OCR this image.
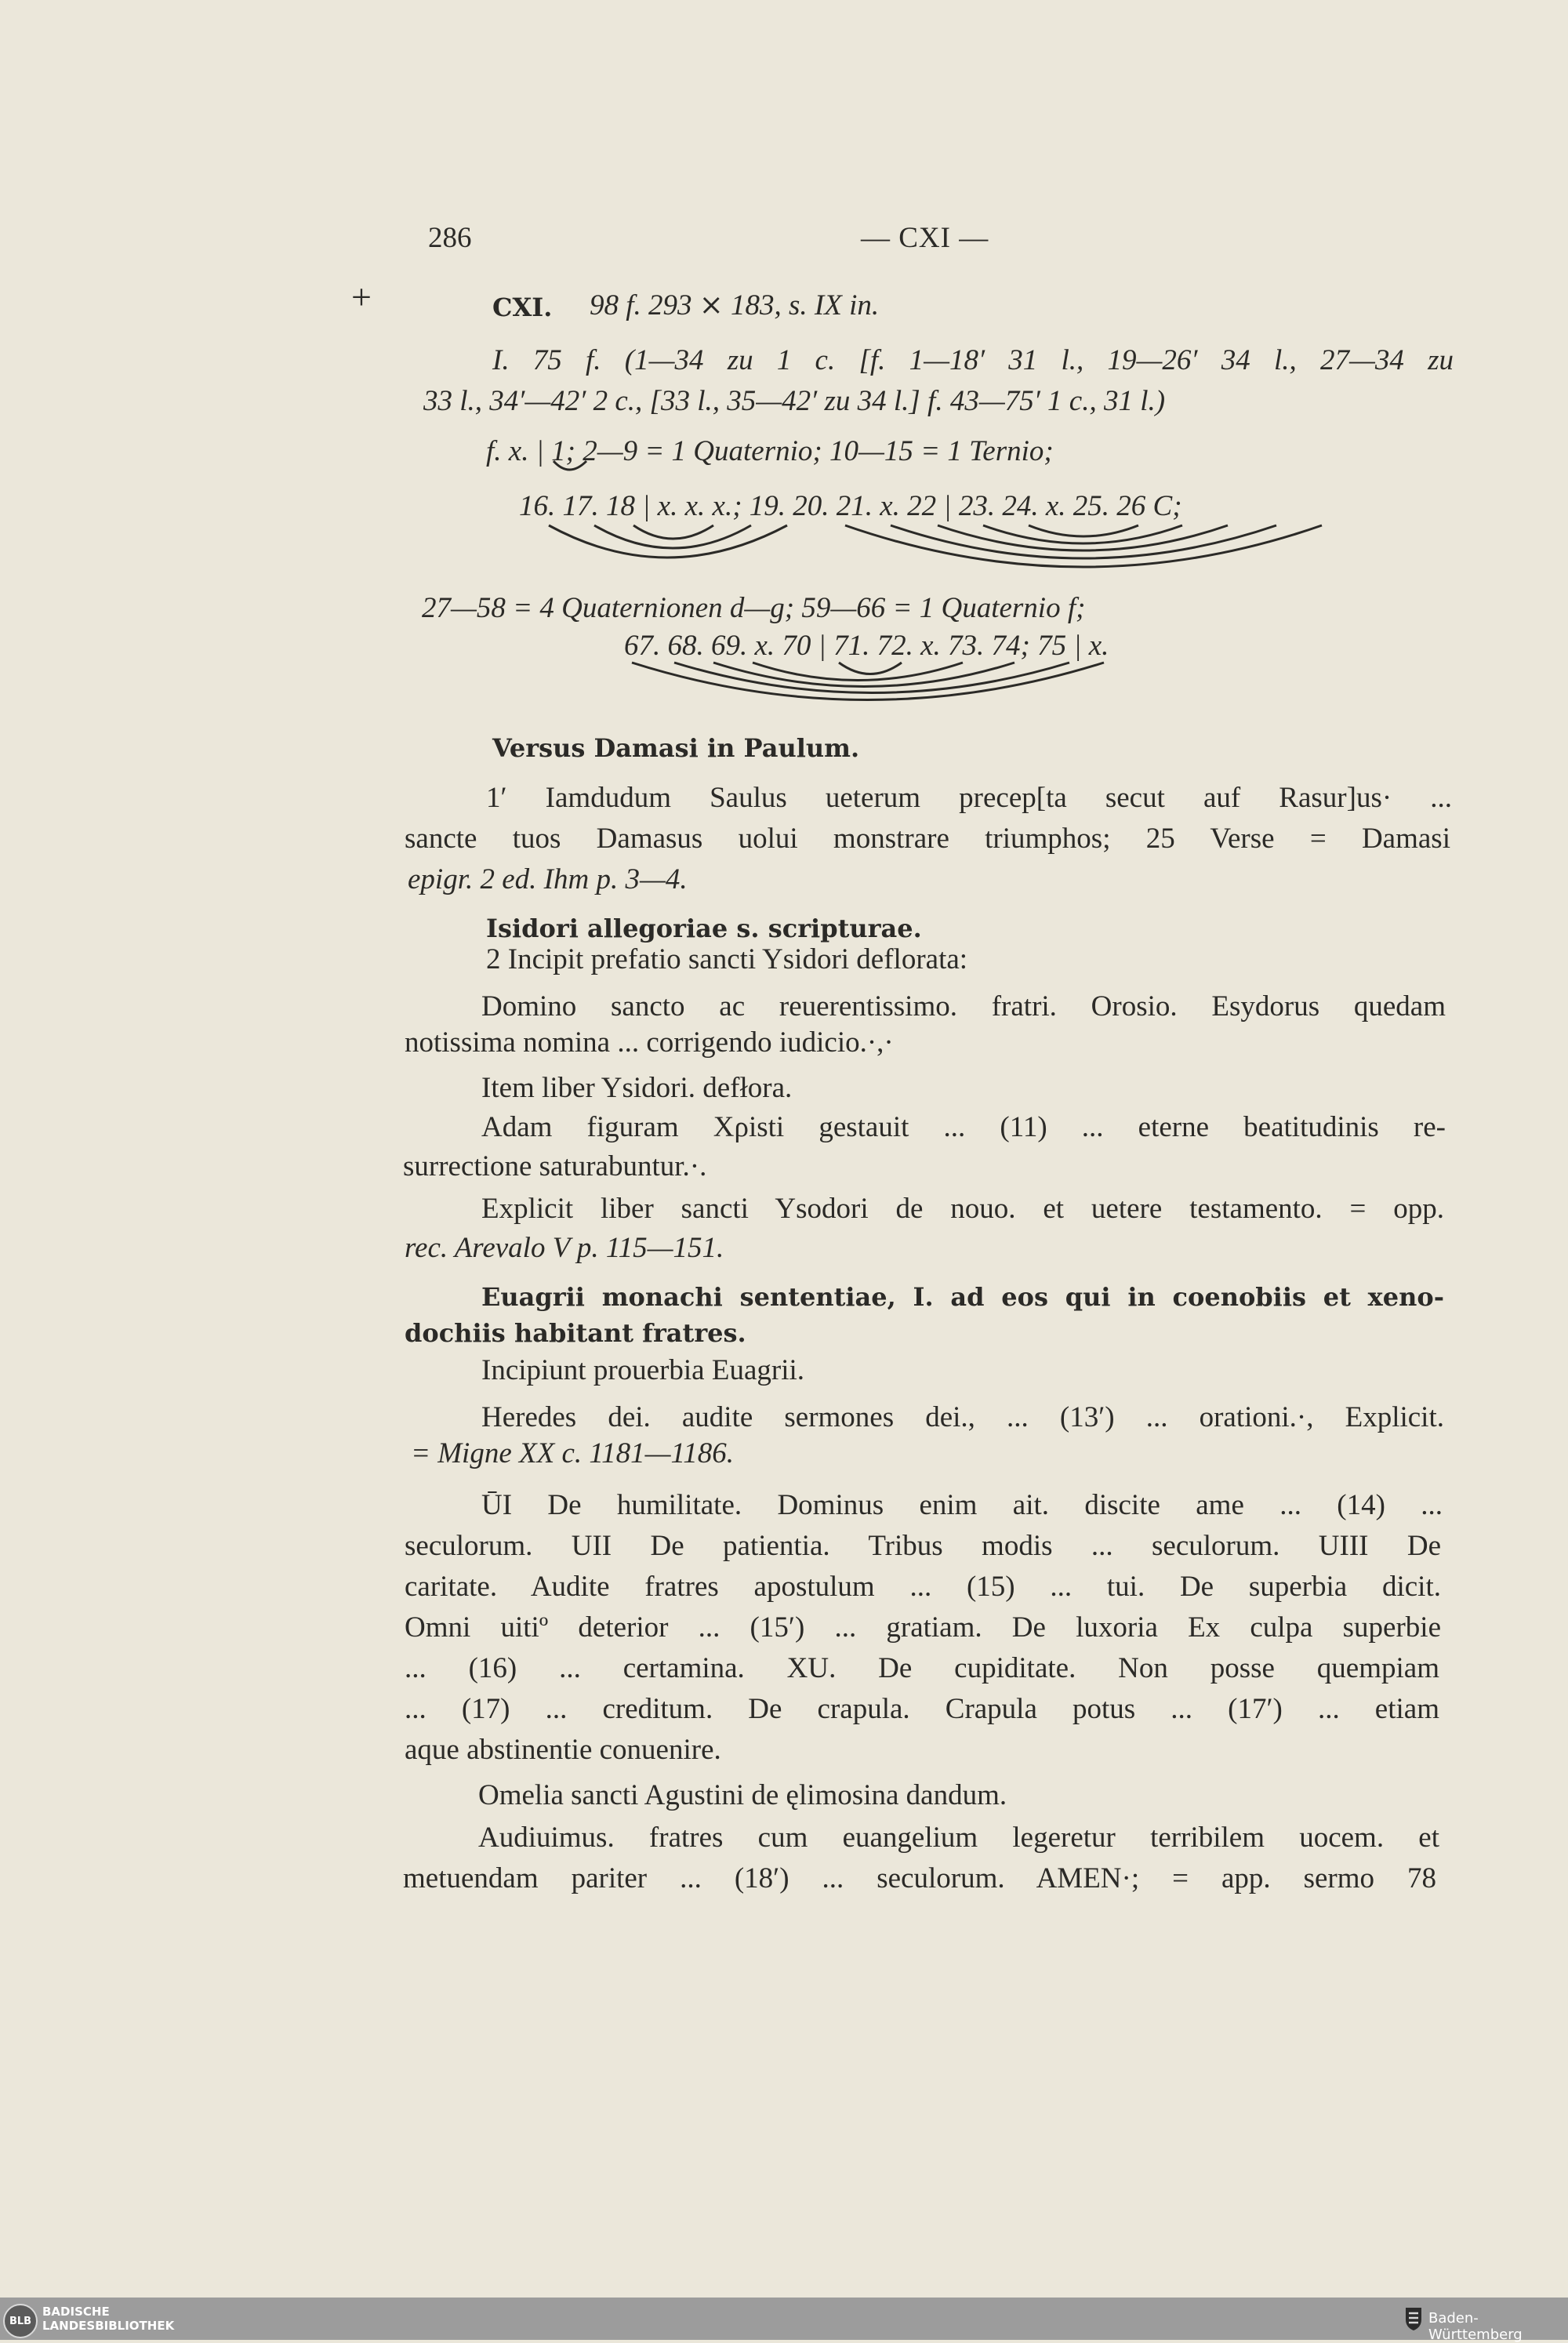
286	— CXI —
+	CXI. 98 f. 293 ⨯ 183, s. IX in.
I. 75 f. (1—34 zu 1 c. [f. 1—18′ 31 l., 19—26′ 34 l., 27—34 zu
33 l., 34′—42′ 2 c., [33 l., 35—42′ zu 34 l.] f. 43—75′ 1 c., 31 l.)
f. x. | 1; 2—9 = 1 Quaternio; 10—15 = 1 Ternio;
16. 17. 18 | x. x. x.; 19. 20. 21. x. 22 | 23. 24. x. 25. 26 C;
27—58 = 4 Quaternionen d—g; 59—66 = 1 Quaternio f;
67. 68. 69. x. 70 | 71. 72. x. 73. 74; 75 | x.
Versus Damasi in Paulum.
1′ Iamdudum Saulus ueterum precep[ta secut auf Rasur]us· ...
sancte tuos Damasus uolui monstrare triumphos; 25 Verse = Damasi
epigr. 2 ed. Ihm p. 3—4.
Isidori allegoriae s. scripturae.
2 Incipit prefatio sancti Ysidori deflorata:
Domino sancto ac reuerentissimo. fratri. Orosio. Esydorus quedam
notissima nomina ... corrigendo iudicio.·,·
Item liber Ysidori. defłora.
Adam figuram Χρisti gestauit ... (11) ... eterne beatitudinis re-
surrectione saturabuntur.·.
Explicit liber sancti Ysodori de nouo. et uetere testamento. = opp.
rec. Arevalo V p. 115—151.
Euagrii monachi sententiae, I. ad eos qui in coenobiis et xeno-
dochiis habitant fratres.
Incipiunt prouerbia Euagrii.
Heredes dei. audite sermones dei., ... (13′) ... orationi.·, Explicit.
= Migne XX c. 1181—1186.
ŪI De humilitate. Dominus enim ait. discite ame ... (14) ...
seculorum. UII De patientia. Tribus modis ... seculorum. UIII De
caritate. Audite fratres apostulum ... (15) ... tui. De superbia dicit.
Omni uitiº deterior ... (15′) ... gratiam. De luxoria Ex culpa superbie
... (16) ... certamina. XU. De cupiditate. Non posse quempiam
... (17) ... creditum. De crapula. Crapula potus ... (17′) ... etiam
aque abstinentie conuenire.
Omelia sancti Agustini de ęlimosina dandum.
Audiuimus. fratres cum euangelium legeretur terribilem uocem. et
metuendam pariter ... (18′) ... seculorum. AMEN·; = app. sermo 78
BLB
BADISCHE
LANDESBIBLIOTHEK	Baden-Württemberg
